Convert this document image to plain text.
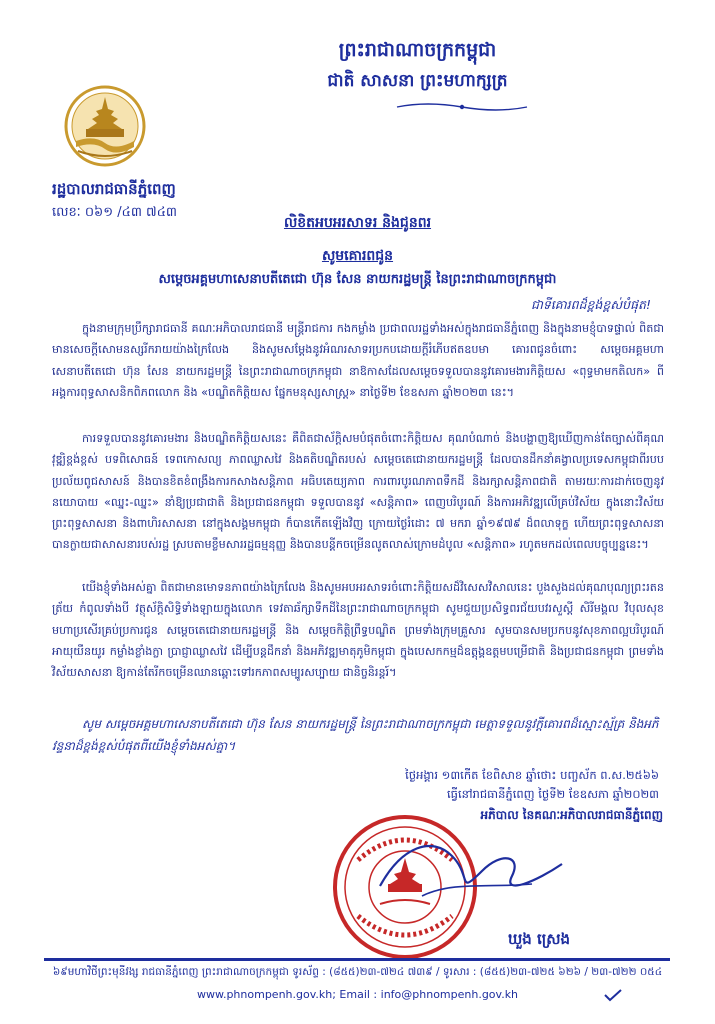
ព្រះរាជាណាចក្រកម្ពុជា
ជាតិ សាសនា ព្រះមហាក្សត្រ
រដ្ឋបាលរាជធានីភ្នំពេញ
លេខៈ ០៦១ /៤៣ ៧៤៣
លិខិតអបអរសាទរ និងជូនពរ
សូមគោរពជូន
សម្តេចអគ្គមហាសេនាបតីតេជោ ហ៊ុន សែន នាយករដ្ឋមន្ត្រី នៃព្រះរាជាណាចក្រកម្ពុជា
ជាទីគោរពដ៏ខ្ពង់ខ្ពស់បំផុត!
ក្នុងនាមក្រុមប្រឹក្សារាជធានី គណៈអភិបាលរាជធានី មន្ត្រីរាជការ កងកម្លាំង ប្រជាពលរដ្ឋទាំងអស់ក្នុងរាជធានីភ្នំពេញ និងក្នុងនាមខ្ញុំបាទផ្ទាល់ ពិតជាមានសេចក្តីសោមនស្សរីករាយយ៉ាងក្រៃលែង និងសូមសម្តែងនូវអំណរសាទរប្រកបដោយក្តីរំភើបឥតឧបមា គោរពជូនចំពោះ សម្តេចអគ្គមហាសេនាបតីតេជោ ហ៊ុន សែន នាយករដ្ឋមន្ត្រី នៃព្រះរាជាណាចក្រកម្ពុជា នាឱកាសដែលសម្តេចទទួលបាននូវគោរមងារកិត្តិយស «ពុទ្ធមាមកតិលក» ពីអង្គការពុទ្ធសាសនិកពិភពលោក និង «បណ្ឌិតកិត្តិយស ផ្នែកមនុស្សសាស្ត្រ» នាថ្ងៃទី២ ខែឧសភា ឆ្នាំ២០២៣ នេះ។
ការទទួលបាននូវគោរមងារ និងបណ្ឌិតកិត្តិយសនេះ គឺពិតជាស័ក្តិសមបំផុតចំពោះកិត្តិយស គុណបំណាច់ និងបង្ហាញឱ្យឃើញកាន់តែច្បាស់ពីគុណវុឌ្ឍិខ្ពង់ខ្ពស់ បទពិសោធន៍ ទេពកោសល្យ ភាពឈ្លាសវៃ និងគតិបណ្ឌិតរបស់ សម្តេចតេជោនាយករដ្ឋមន្ត្រី ដែលបានដឹកនាំគង្វាលប្រទេសកម្ពុជាពីរបបប្រល័យពូជសាសន៍ និងបានខិតខំពង្រឹងការកសាងសន្តិភាព អធិបតេយ្យភាព ការពារបូរណភាពទឹកដី និងរក្សាសន្តិភាពជាតិ តាមរយៈការដាក់ចេញនូវនយោបាយ «ឈ្នះ-ឈ្នះ» នាំឱ្យប្រជាជាតិ និងប្រជាជនកម្ពុជា ទទួលបាននូវ «សន្តិភាព» ពេញបរិបូរណ៍ និងការអភិវឌ្ឍលើគ្រប់វិស័យ ក្នុងនោះវិស័យព្រះពុទ្ធសាសនា និងពាហិរសាសនា នៅក្នុងសង្គមកម្ពុជា ក៏បានកើតឡើងវិញ ក្រោយថ្ងៃរំដោះ ៧ មករា ឆ្នាំ១៩៧៩ ដ៏ពលាទុក្ខ ហើយព្រះពុទ្ធសាសនាបានក្លាយជាសាសនារបស់រដ្ឋ ស្របតាមខ្លឹមសាររដ្ឋធម្មនុញ្ញ និងបានបន្តីកចម្រើនលូតលាស់ក្រោមដំបូល «សន្តិភាព» រហូតមកដល់ពេលបច្ចុប្បន្ននេះ។
យើងខ្ញុំទាំងអស់គ្នា ពិតជាមានមោទនភាពយ៉ាងក្រៃលែង និងសូមអបអរសាទរចំពោះកិត្តិយសដ៏វិសេសវិសាលនេះ បួងសួងដល់គុណបុណ្យព្រះរតនត្រ័យ កំពូលទាំងបី វត្ថុស័ក្តិសិទ្ធិទាំងឡាយក្នុងលោក ទេវតាឆ័ក្សាទឹកដីនៃព្រះរាជាណាចក្រកម្ពុជា សូមជួយប្រសិទ្ធពរជ័យបវរសួស្តី សិរីមង្គល វិបុលសុខ មហាប្រសើរគ្រប់ប្រការជូន សម្តេចតេជោនាយករដ្ឋមន្ត្រី និង សម្តេចកិត្តិព្រឹទ្ធបណ្ឌិត ព្រមទាំងក្រុមគ្រួសារ សូមបានសមប្រកបនូវសុខភាពល្អបរិបូរណ៍ អាយុយឺនយូរ កម្លាំងខ្លាំងក្លា ប្រាជ្ញាឈ្លាសវៃ ដើម្បីបន្តដឹកនាំ និងអភិវឌ្ឍមាតុភូមិកម្ពុជា ក្នុងបេសកកម្មដ៏ឧត្តុង្គឧត្តមបម្រើជាតិ និងប្រជាជនកម្ពុជា ព្រមទាំងវិស័យសាសនា ឱ្យកាន់តែរីកចម្រើនឈានឆ្ពោះទៅរកភាពសម្បូរសប្បាយ ជានិច្ចនិរន្តរ៍។
សូម សម្តេចអគ្គមហាសេនាបតីតេជោ ហ៊ុន សែន នាយករដ្ឋមន្ត្រី នៃព្រះរាជាណាចក្រកម្ពុជា មេត្តាទទួលនូវក្តីគោរពដ៏ស្មោះស្ម័គ្រ និងអភិវន្ទនាដ៏ខ្ពង់ខ្ពស់បំផុតពីយើងខ្ញុំទាំងអស់គ្នា។
ថ្ងៃអង្គារ ១៣កើត ខែពិសាខ ឆ្នាំថោះ បញ្ចស័ក ព.ស.២៥៦៦
ធ្វើនៅរាជធានីភ្នំពេញ ថ្ងៃទី២ ខែឧសភា ឆ្នាំ២០២៣
អភិបាល នៃគណៈអភិបាលរាជធានីភ្នំពេញ
ឃួង ស្រេង
៦៩មហាវិថីព្រះមុនីវង្ស រាជធានីភ្នំពេញ ព្រះរាជាណាចក្រកម្ពុជា ទូរស័ព្ទ : (៨៥៥)២៣-៧២៤ ៧៣៩ / ទូរសារ : (៨៥៥)២៣-៧២៥ ៦២៦ / ២៣-៧២២ ០៥៤
www.phnompenh.gov.kh; Email : info@phnompenh.gov.kh
